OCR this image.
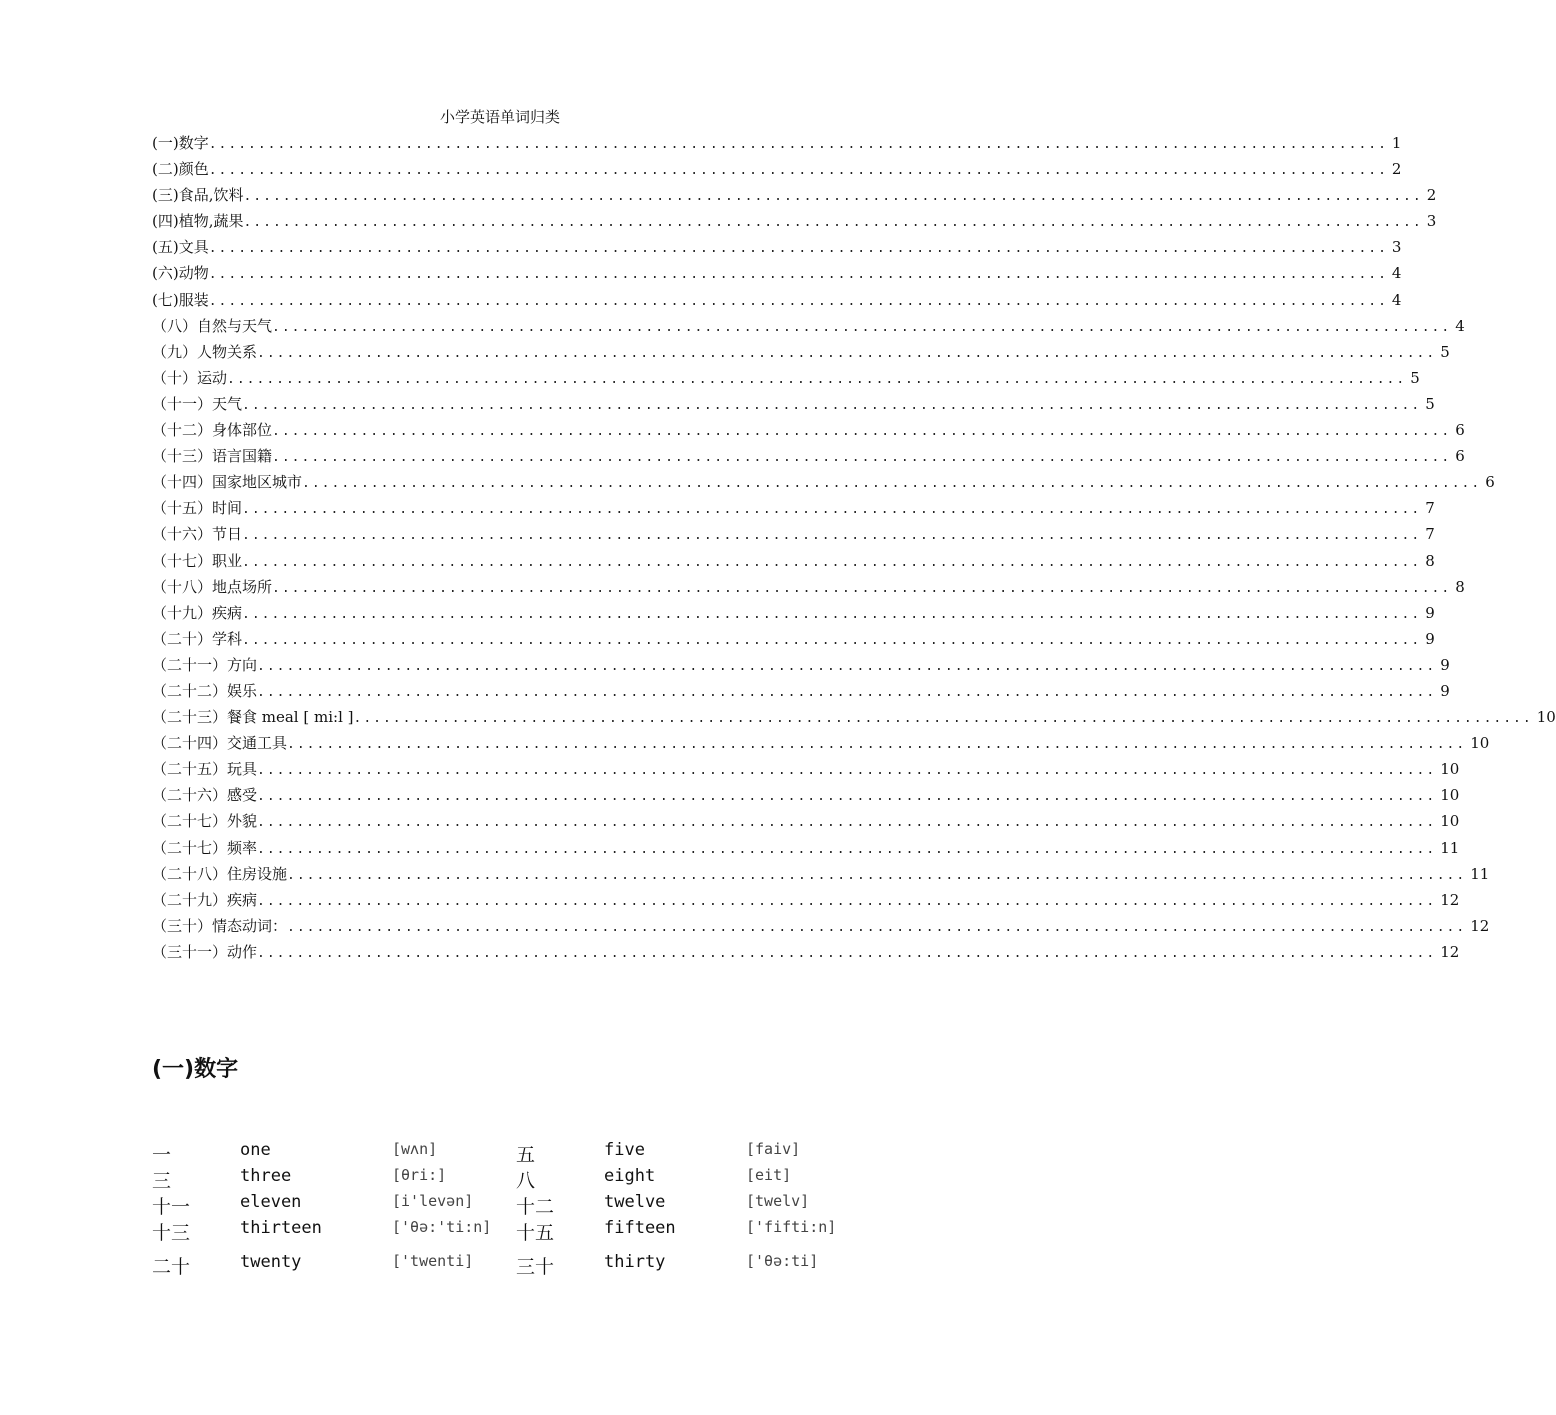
小学英语单词归类
(一)数字 ........................................................................................................................ 1
(二)颜色 ........................................................................................................................ 2
(三)食品,饮料 ........................................................................................................................ 2
(四)植物,蔬果 ........................................................................................................................ 3
(五)文具 ........................................................................................................................ 3
(六)动物 ........................................................................................................................ 4
(七)服装 ........................................................................................................................ 4
（八）自然与天气 ........................................................................................................................ 4
（九）人物关系 ........................................................................................................................ 5
（十）运动 ........................................................................................................................ 5
（十一）天气 ........................................................................................................................ 5
（十二）身体部位 ........................................................................................................................ 6
（十三）语言国籍 ........................................................................................................................ 6
（十四）国家地区城市 ........................................................................................................................ 6
（十五）时间 ........................................................................................................................ 7
（十六）节日 ........................................................................................................................ 7
（十七）职业 ........................................................................................................................ 8
（十八）地点场所 ........................................................................................................................ 8
（十九）疾病 ........................................................................................................................ 9
（二十）学科 ........................................................................................................................ 9
（二十一）方向 ........................................................................................................................ 9
（二十二）娱乐 ........................................................................................................................ 9
（二十三）餐食 meal [ mi:l ] ........................................................................................................................ 10
（二十四）交通工具 ........................................................................................................................ 10
（二十五）玩具 ........................................................................................................................ 10
（二十六）感受 ........................................................................................................................ 10
（二十七）外貌 ........................................................................................................................ 10
（二十七）频率 ........................................................................................................................ 11
（二十八）住房设施 ........................................................................................................................ 11
（二十九）疾病 ........................................................................................................................ 12
（三十）情态动词： ........................................................................................................................ 12
（三十一）动作 ........................................................................................................................ 12
(一)数字
一	one	[wʌn]	五	five	[faiv]
三	three	[θri:]	八	eight	[eit]
十一	eleven	[i'levən] 十二	twelve	[twelv]
十三	thirteen	['θə:'ti:n] 十五	fifteen	['fifti:n]
二十	twenty	['twenti] 三十	thirty	['θə:ti]
